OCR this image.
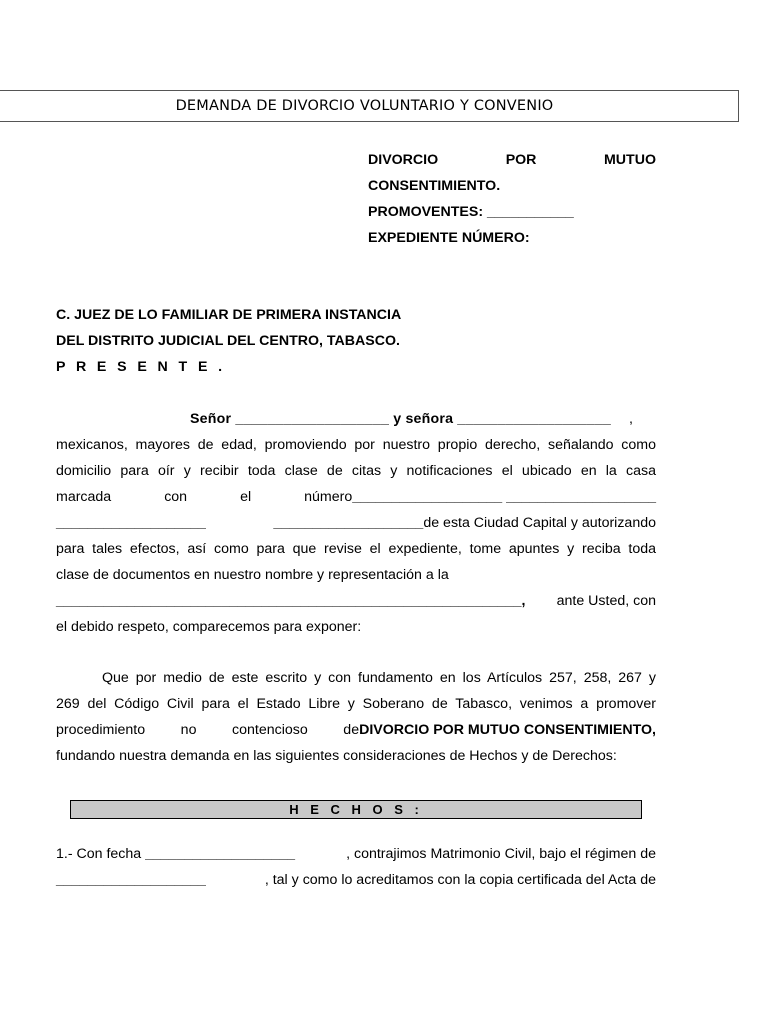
DEMANDA DE DIVORCIO VOLUNTARIO Y CONVENIO
DIVORCIO	POR	MUTUO
CONSENTIMIENTO.
PROMOVENTES: ___________
EXPEDIENTE NÚMERO:
C. JUEZ DE LO FAMILIAR DE PRIMERA INSTANCIA
DEL DISTRITO JUDICIAL DEL CENTRO, TABASCO.
P R E S E N T E .
Señor ___________________ y señora ___________________ ,
mexicanos, mayores de edad, promoviendo por nuestro propio derecho, señalando como
domicilio para oír y recibir toda clase de citas y notificaciones el ubicado en la casa
marcada con el número ___________________ ___________________
___________________ ___________________ de esta Ciudad Capital y autorizando
para tales efectos, así como para que revise el expediente, tome apuntes y reciba toda
clase de documentos en nuestro nombre y representación a la
___________________________________________________________, ante Usted, con
el debido respeto, comparecemos para exponer:
Que por medio de este escrito y con fundamento en los Artículos 257, 258, 267 y
269 del Código Civil para el Estado Libre y Soberano de Tabasco, venimos a promover
procedimiento no contencioso de DIVORCIO POR MUTUO CONSENTIMIENTO,
fundando nuestra demanda en las siguientes consideraciones de Hechos y de Derechos:
H E C H O S :
1.- Con fecha ___________________	, contrajimos Matrimonio Civil, bajo el régimen de
___________________	, tal y como lo acreditamos con la copia certificada del Acta de
